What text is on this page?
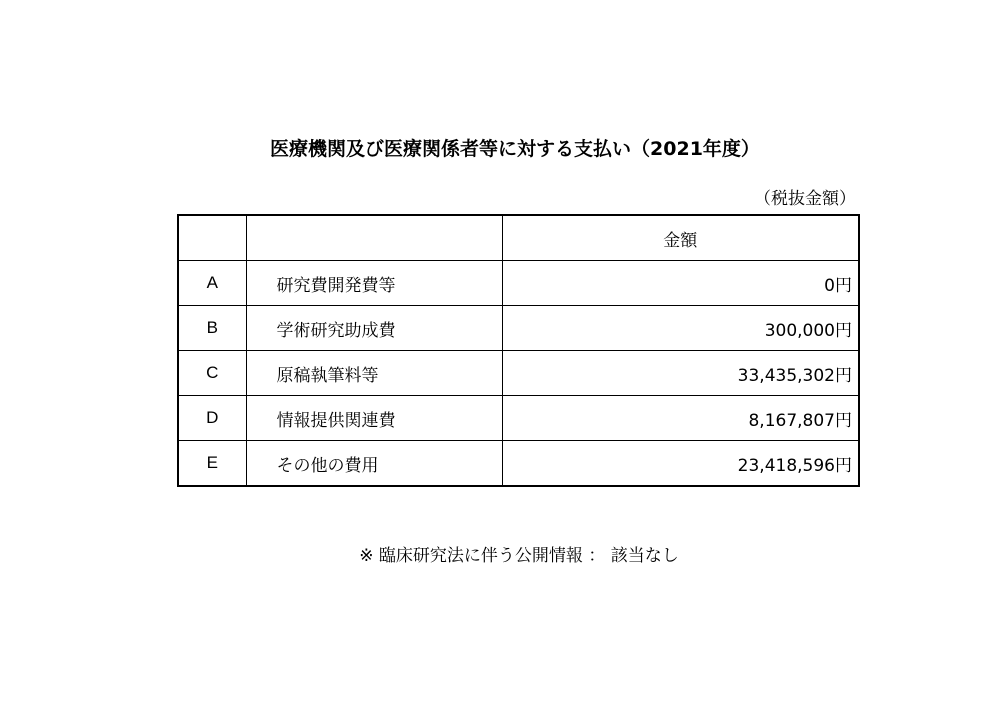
医療機関及び医療関係者等に対する支払い（2021年度）
（税抜金額）
		金額
A	研究費開発費等	0円
B	学術研究助成費	300,000円
C	原稿執筆料等	33,435,302円
D	情報提供関連費	8,167,807円
E	その他の費用	23,418,596円
※ 臨床研究法に伴う公開情報 ： 該当なし
